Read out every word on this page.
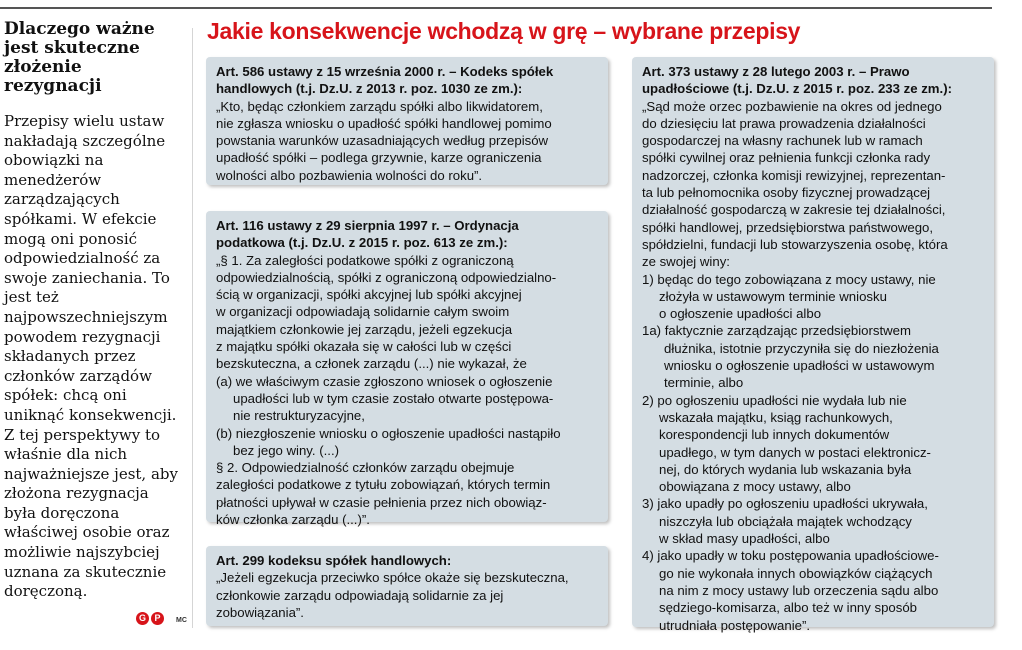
Dlaczego ważne jest skuteczne złożenie rezygnacji

Przepisy wielu ustaw nakładają szczególne obowiązki na menedżerów zarządzających spółkami. W efekcie mogą oni ponosić odpowiedzialność za swoje zaniechania. To jest też najpowszechniejszym powodem rezygnacji składanych przez członków zarządów spółek: chcą oni uniknąć konsekwencji. Z tej perspektywy to właśnie dla nich najważniejsze jest, aby złożona rezygnacja była doręczona właściwej osobie oraz możliwie najszybciej uznana za skutecznie doręczoną.

G P	MC
Jakie konsekwencje wchodzą w grę – wybrane przepisy
Art. 586 ustawy z 15 września 2000 r. – Kodeks spółek
handlowych (t.j. Dz.U. z 2013 r. poz. 1030 ze zm.):
„Kto, będąc członkiem zarządu spółki albo likwidatorem,
nie zgłasza wniosku o upadłość spółki handlowej pomimo
powstania warunków uzasadniających według przepisów
upadłość spółki – podlega grzywnie, karze ograniczenia
wolności albo pozbawienia wolności do roku”.
Art. 116 ustawy z 29 sierpnia 1997 r. – Ordynacja
podatkowa (t.j. Dz.U. z 2015 r. poz. 613 ze zm.):
„§ 1. Za zaległości podatkowe spółki z ograniczoną
odpowiedzialnością, spółki z ograniczoną odpowiedzialno-
ścią w organizacji, spółki akcyjnej lub spółki akcyjnej
w organizacji odpowiadają solidarnie całym swoim
majątkiem członkowie jej zarządu, jeżeli egzekucja
z majątku spółki okazała się w całości lub w części
bezskuteczna, a członek zarządu (...) nie wykazał, że
(a) we właściwym czasie zgłoszono wniosek o ogłoszenie
upadłości lub w tym czasie zostało otwarte postępowa-
nie restrukturyzacyjne,
(b) niezgłoszenie wniosku o ogłoszenie upadłości nastąpiło
bez jego winy. (...)
§ 2. Odpowiedzialność członków zarządu obejmuje
zaległości podatkowe z tytułu zobowiązań, których termin
płatności upływał w czasie pełnienia przez nich obowiąz-
ków członka zarządu (...)”.
Art. 299 kodeksu spółek handlowych:
„Jeżeli egzekucja przeciwko spółce okaże się bezskuteczna,
członkowie zarządu odpowiadają solidarnie za jej
zobowiązania”.
Art. 373 ustawy z 28 lutego 2003 r. – Prawo
upadłościowe (t.j. Dz.U. z 2015 r. poz. 233 ze zm.):
„Sąd może orzec pozbawienie na okres od jednego
do dziesięciu lat prawa prowadzenia działalności
gospodarczej na własny rachunek lub w ramach
spółki cywilnej oraz pełnienia funkcji członka rady
nadzorczej, członka komisji rewizyjnej, reprezentan-
ta lub pełnomocnika osoby fizycznej prowadzącej
działalność gospodarczą w zakresie tej działalności,
spółki handlowej, przedsiębiorstwa państwowego,
spółdzielni, fundacji lub stowarzyszenia osobę, która
ze swojej winy:
1) będąc do tego zobowiązana z mocy ustawy, nie
złożyła w ustawowym terminie wniosku
o ogłoszenie upadłości albo
1a) faktycznie zarządzając przedsiębiorstwem
dłużnika, istotnie przyczyniła się do niezłożenia
wniosku o ogłoszenie upadłości w ustawowym
terminie, albo
2) po ogłoszeniu upadłości nie wydała lub nie
wskazała majątku, ksiąg rachunkowych,
korespondencji lub innych dokumentów
upadłego, w tym danych w postaci elektronicz-
nej, do których wydania lub wskazania była
obowiązana z mocy ustawy, albo
3) jako upadły po ogłoszeniu upadłości ukrywała,
niszczyła lub obciążała majątek wchodzący
w skład masy upadłości, albo
4) jako upadły w toku postępowania upadłościowe-
go nie wykonała innych obowiązków ciążących
na nim z mocy ustawy lub orzeczenia sądu albo
sędziego-komisarza, albo też w inny sposób
utrudniała postępowanie”.
